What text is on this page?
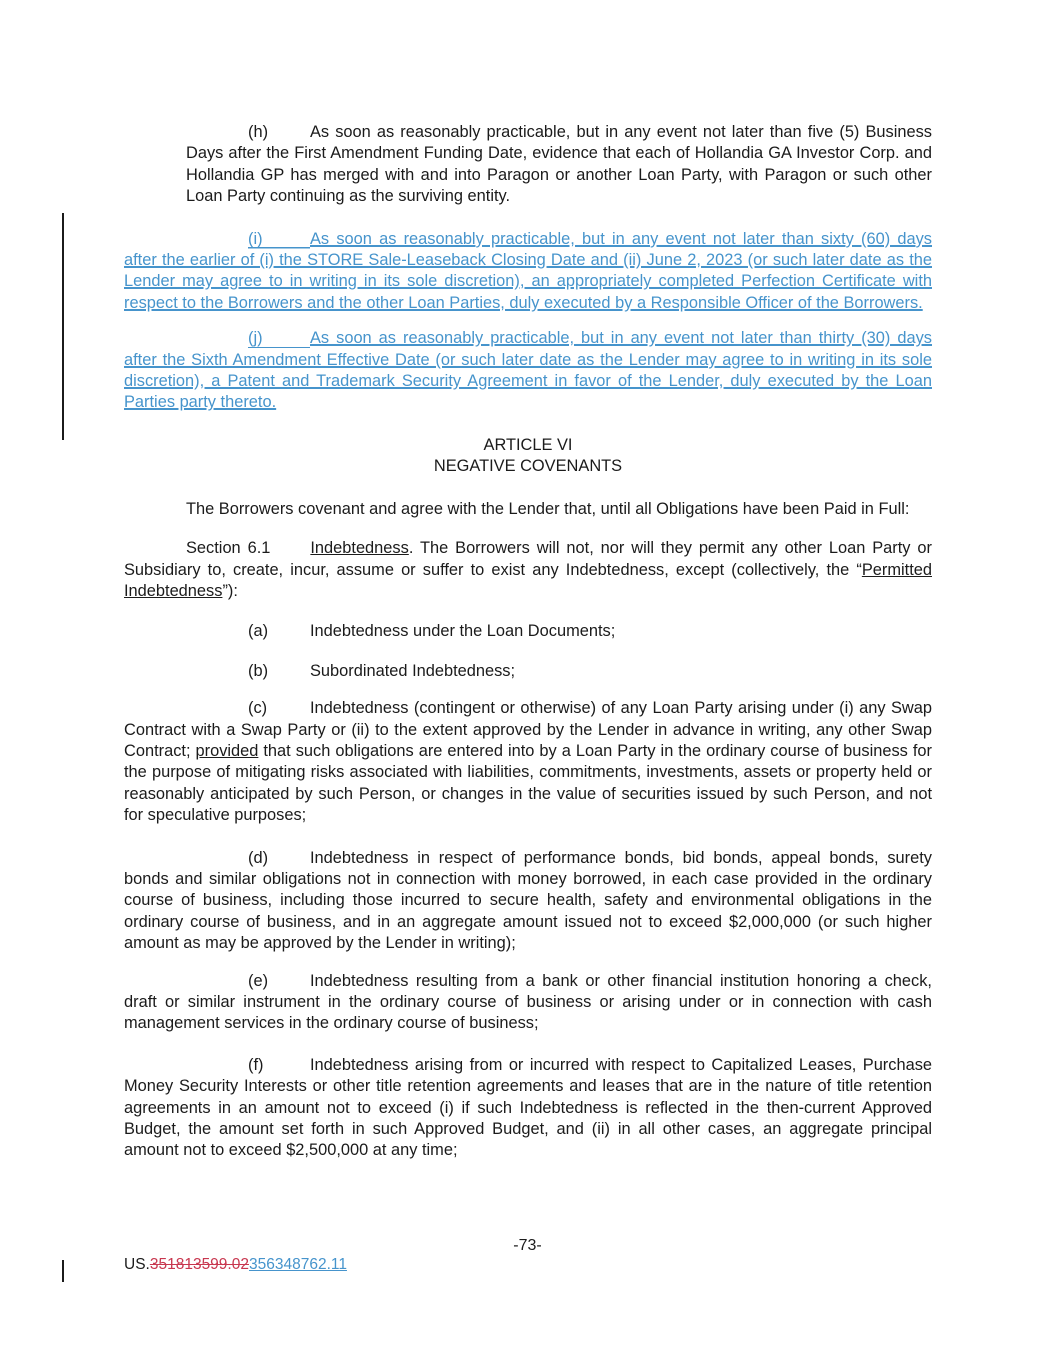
(h)	As soon as reasonably practicable, but in any event not later than five (5) Business Days after the First Amendment Funding Date, evidence that each of Hollandia GA Investor Corp. and Hollandia GP has merged with and into Paragon or another Loan Party, with Paragon or such other Loan Party continuing as the surviving entity.

(i)	As soon as reasonably practicable, but in any event not later than sixty (60) days after the earlier of (i) the STORE Sale-Leaseback Closing Date and (ii) June 2, 2023 (or such later date as the Lender may agree to in writing in its sole discretion), an appropriately completed Perfection Certificate with respect to the Borrowers and the other Loan Parties, duly executed by a Responsible Officer of the Borrowers.

(j)	As soon as reasonably practicable, but in any event not later than thirty (30) days after the Sixth Amendment Effective Date (or such later date as the Lender may agree to in writing in its sole discretion), a Patent and Trademark Security Agreement in favor of the Lender, duly executed by the Loan Parties party thereto.

ARTICLE VI

NEGATIVE COVENANTS

The Borrowers covenant and agree with the Lender that, until all Obligations have been Paid in Full:

Section 6.1 Indebtedness. The Borrowers will not, nor will they permit any other Loan Party or Subsidiary to, create, incur, assume or suffer to exist any Indebtedness, except (collectively, the “Permitted Indebtedness”):

(a)	Indebtedness under the Loan Documents;

(b)	Subordinated Indebtedness;

(c)	Indebtedness (contingent or otherwise) of any Loan Party arising under (i) any Swap Contract with a Swap Party or (ii) to the extent approved by the Lender in advance in writing, any other Swap Contract; provided that such obligations are entered into by a Loan Party in the ordinary course of business for the purpose of mitigating risks associated with liabilities, commitments, investments, assets or property held or reasonably anticipated by such Person, or changes in the value of securities issued by such Person, and not for speculative purposes;

(d)	Indebtedness in respect of performance bonds, bid bonds, appeal bonds, surety bonds and similar obligations not in connection with money borrowed, in each case provided in the ordinary course of business, including those incurred to secure health, safety and environmental obligations in the ordinary course of business, and in an aggregate amount issued not to exceed $2,000,000 (or such higher amount as may be approved by the Lender in writing);

(e)	Indebtedness resulting from a bank or other financial institution honoring a check, draft or similar instrument in the ordinary course of business or arising under or in connection with cash management services in the ordinary course of business;

(f)	Indebtedness arising from or incurred with respect to Capitalized Leases, Purchase Money Security Interests or other title retention agreements and leases that are in the nature of title retention agreements in an amount not to exceed (i) if such Indebtedness is reflected in the then-current Approved Budget, the amount set forth in such Approved Budget, and (ii) in all other cases, an aggregate principal amount not to exceed $2,500,000 at any time;

-73-
US.351813599.02356348762.11
